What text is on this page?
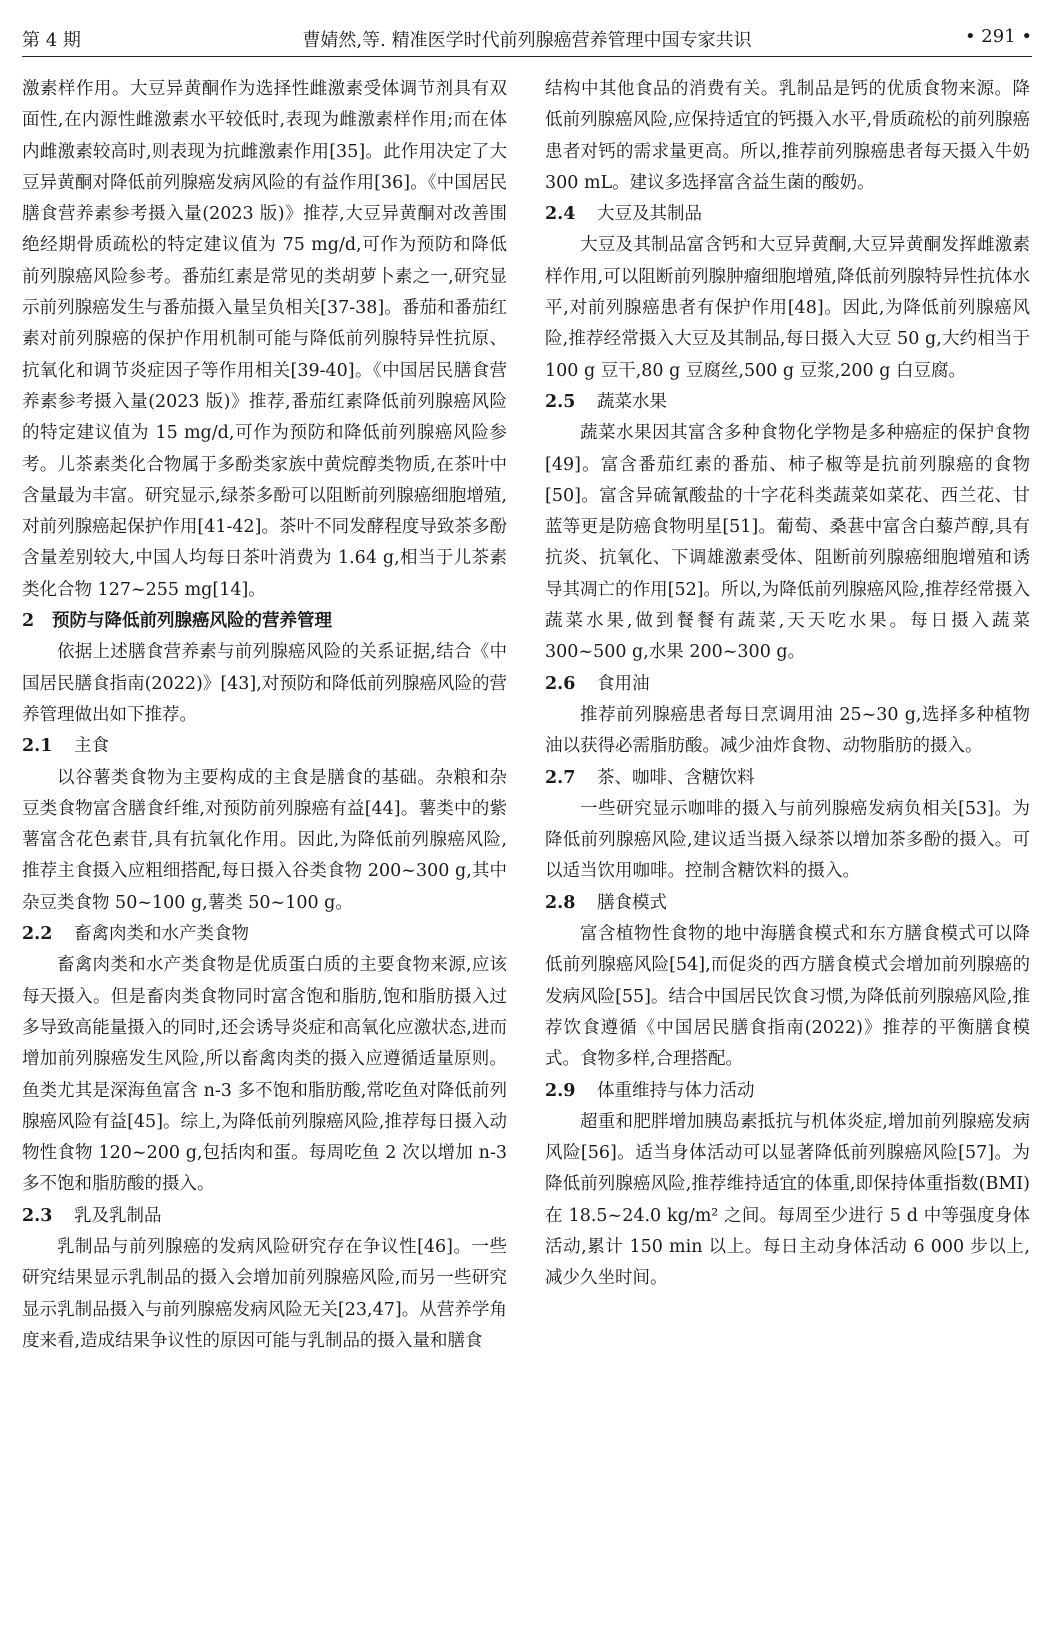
第 4 期	曹婧然,等. 精准医学时代前列腺癌营养管理中国专家共识	• 291 •

激素样作用。大豆异黄酮作为选择性雌激素受体调节剂具有双面性,在内源性雌激素水平较低时,表现为雌激素样作用;而在体内雌激素较高时,则表现为抗雌激素作用[35]。此作用决定了大豆异黄酮对降低前列腺癌发病风险的有益作用[36]。《中国居民膳食营养素参考摄入量(2023 版)》推荐,大豆异黄酮对改善围绝经期骨质疏松的特定建议值为 75 mg/d,可作为预防和降低前列腺癌风险参考。番茄红素是常见的类胡萝卜素之一,研究显示前列腺癌发生与番茄摄入量呈负相关[37-38]。番茄和番茄红素对前列腺癌的保护作用机制可能与降低前列腺特异性抗原、抗氧化和调节炎症因子等作用相关[39-40]。《中国居民膳食营养素参考摄入量(2023 版)》推荐,番茄红素降低前列腺癌风险的特定建议值为 15 mg/d,可作为预防和降低前列腺癌风险参考。儿茶素类化合物属于多酚类家族中黄烷醇类物质,在茶叶中含量最为丰富。研究显示,绿茶多酚可以阻断前列腺癌细胞增殖,对前列腺癌起保护作用[41-42]。茶叶不同发酵程度导致茶多酚含量差别较大,中国人均每日茶叶消费为 1.64 g,相当于儿茶素类化合物 127~255 mg[14]。

2 预防与降低前列腺癌风险的营养管理

依据上述膳食营养素与前列腺癌风险的关系证据,结合《中国居民膳食指南(2022)》[43],对预防和降低前列腺癌风险的营养管理做出如下推荐。

2.1 主食

以谷薯类食物为主要构成的主食是膳食的基础。杂粮和杂豆类食物富含膳食纤维,对预防前列腺癌有益[44]。薯类中的紫薯富含花色素苷,具有抗氧化作用。因此,为降低前列腺癌风险,推荐主食摄入应粗细搭配,每日摄入谷类食物 200~300 g,其中杂豆类食物 50~100 g,薯类 50~100 g。

2.2 畜禽肉类和水产类食物

畜禽肉类和水产类食物是优质蛋白质的主要食物来源,应该每天摄入。但是畜肉类食物同时富含饱和脂肪,饱和脂肪摄入过多导致高能量摄入的同时,还会诱导炎症和高氧化应激状态,进而增加前列腺癌发生风险,所以畜禽肉类的摄入应遵循适量原则。鱼类尤其是深海鱼富含 n-3 多不饱和脂肪酸,常吃鱼对降低前列腺癌风险有益[45]。综上,为降低前列腺癌风险,推荐每日摄入动物性食物 120~200 g,包括肉和蛋。每周吃鱼 2 次以增加 n-3 多不饱和脂肪酸的摄入。

2.3 乳及乳制品

乳制品与前列腺癌的发病风险研究存在争议性[46]。一些研究结果显示乳制品的摄入会增加前列腺癌风险,而另一些研究显示乳制品摄入与前列腺癌发病风险无关[23,47]。从营养学角度来看,造成结果争议性的原因可能与乳制品的摄入量和膳食

结构中其他食品的消费有关。乳制品是钙的优质食物来源。降低前列腺癌风险,应保持适宜的钙摄入水平,骨质疏松的前列腺癌患者对钙的需求量更高。所以,推荐前列腺癌患者每天摄入牛奶 300 mL。建议多选择富含益生菌的酸奶。

2.4 大豆及其制品

大豆及其制品富含钙和大豆异黄酮,大豆异黄酮发挥雌激素样作用,可以阻断前列腺肿瘤细胞增殖,降低前列腺特异性抗体水平,对前列腺癌患者有保护作用[48]。因此,为降低前列腺癌风险,推荐经常摄入大豆及其制品,每日摄入大豆 50 g,大约相当于 100 g 豆干,80 g 豆腐丝,500 g 豆浆,200 g 白豆腐。

2.5 蔬菜水果

蔬菜水果因其富含多种食物化学物是多种癌症的保护食物[49]。富含番茄红素的番茄、柿子椒等是抗前列腺癌的食物[50]。富含异硫氰酸盐的十字花科类蔬菜如菜花、西兰花、甘蓝等更是防癌食物明星[51]。葡萄、桑葚中富含白藜芦醇,具有抗炎、抗氧化、下调雄激素受体、阻断前列腺癌细胞增殖和诱导其凋亡的作用[52]。所以,为降低前列腺癌风险,推荐经常摄入蔬菜水果,做到餐餐有蔬菜,天天吃水果。每日摄入蔬菜 300~500 g,水果 200~300 g。

2.6 食用油

推荐前列腺癌患者每日烹调用油 25~30 g,选择多种植物油以获得必需脂肪酸。减少油炸食物、动物脂肪的摄入。

2.7 茶、咖啡、含糖饮料

一些研究显示咖啡的摄入与前列腺癌发病负相关[53]。为降低前列腺癌风险,建议适当摄入绿茶以增加茶多酚的摄入。可以适当饮用咖啡。控制含糖饮料的摄入。

2.8 膳食模式

富含植物性食物的地中海膳食模式和东方膳食模式可以降低前列腺癌风险[54],而促炎的西方膳食模式会增加前列腺癌的发病风险[55]。结合中国居民饮食习惯,为降低前列腺癌风险,推荐饮食遵循《中国居民膳食指南(2022)》推荐的平衡膳食模式。食物多样,合理搭配。

2.9 体重维持与体力活动

超重和肥胖增加胰岛素抵抗与机体炎症,增加前列腺癌发病风险[56]。适当身体活动可以显著降低前列腺癌风险[57]。为降低前列腺癌风险,推荐维持适宜的体重,即保持体重指数(BMI)在 18.5~24.0 kg/m² 之间。每周至少进行 5 d 中等强度身体活动,累计 150 min 以上。每日主动身体活动 6 000 步以上,减少久坐时间。
